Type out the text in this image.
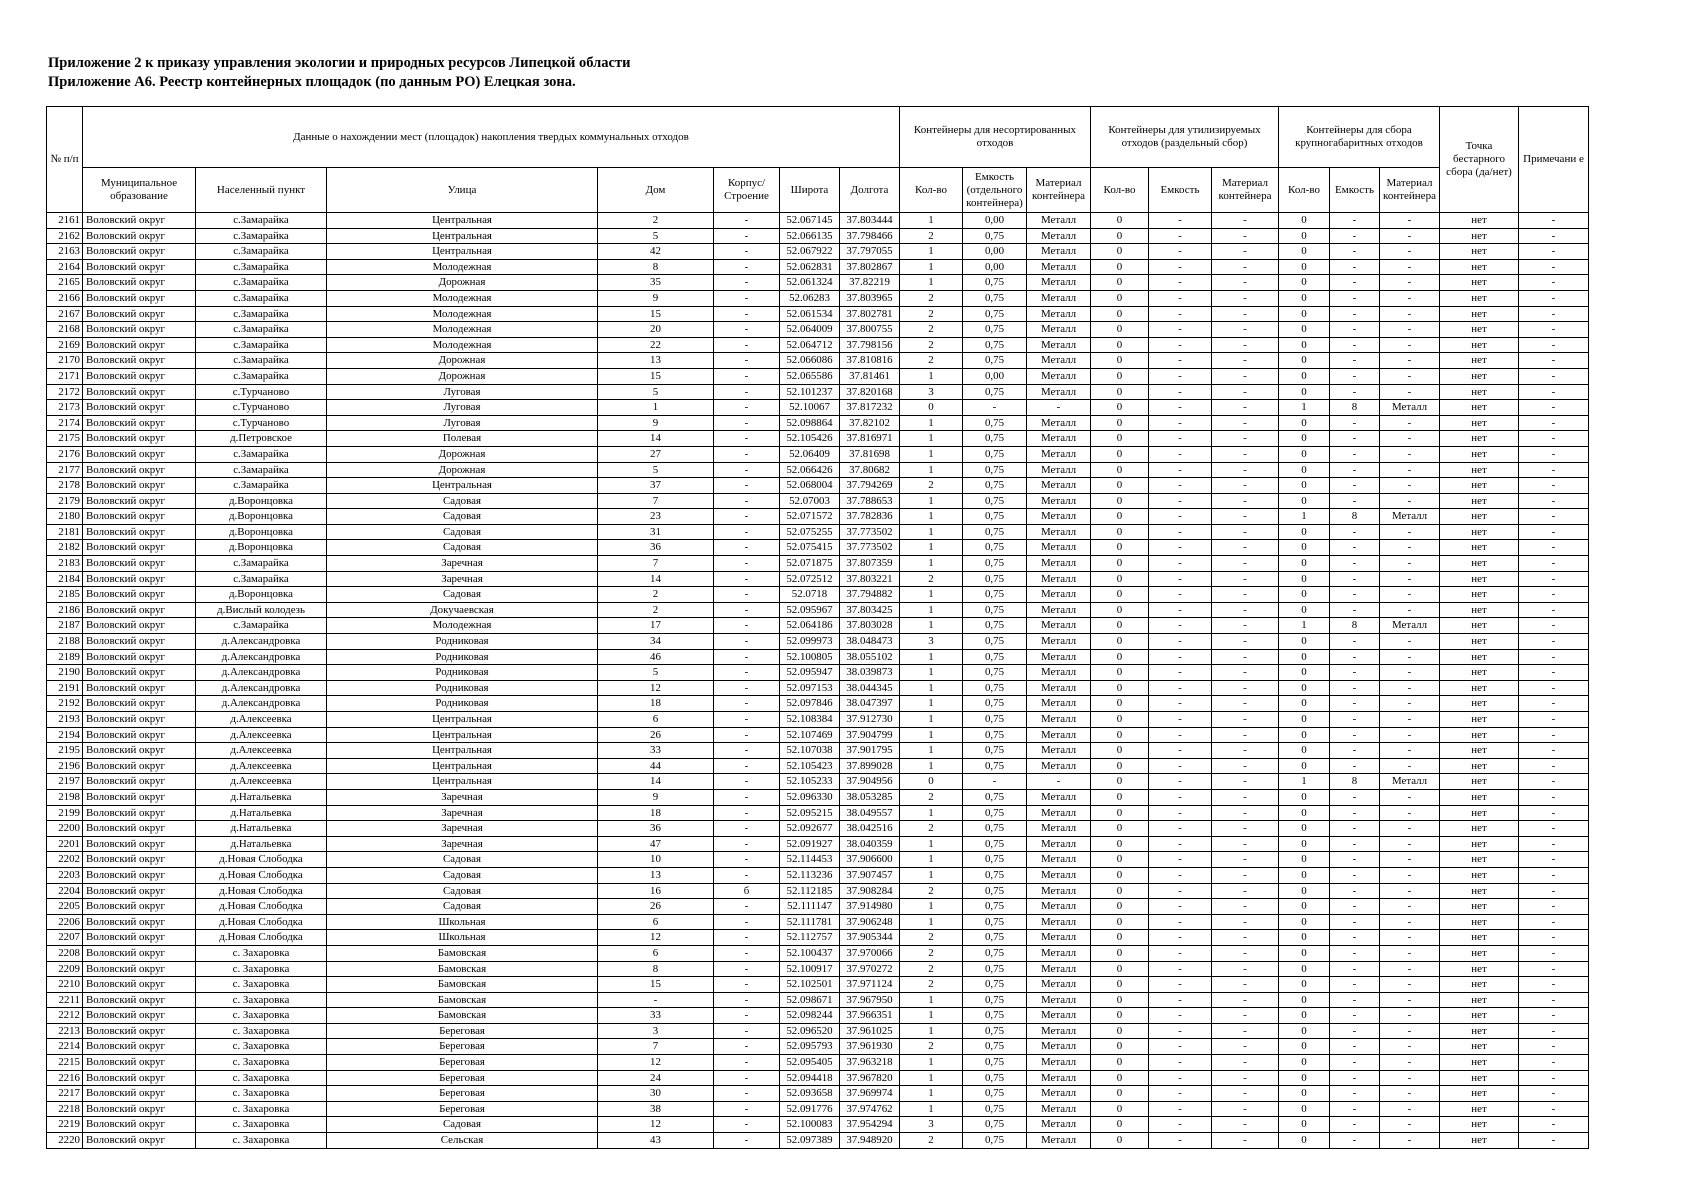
Приложение 2 к приказу управления экологии и природных ресурсов Липецкой области
Приложение А6. Реестр контейнерных площадок (по данным РО) Елецкая зона.
№ п/п	Данные о нахождении мест (площадок) накопления твердых коммунальных отходов							Контейнеры для несортированных отходов			Контейнеры для утилизируемых отходов (раздельный сбор)			Контейнеры для сбора крупногабаритных отходов			Точка бестарного сбора (да/нет)	Примечани е
	Муниципальное образование	Населенный пункт	Улица	Дом	Корпус/ Строение	Широта	Долгота	Кол-во	Емкость (отдельного контейнера)	Материал контейнера	Кол-во	Емкость	Материал контейнера	Кол-во	Емкость	Материал контейнера		
2161	Воловский округ	с.Замарайка	Центральная	2	-	52.067145	37.803444	1	0,00	Металл	0	-	-	0	-	-	нет	-
2162	Воловский округ	с.Замарайка	Центральная	5	-	52.066135	37.798466	2	0,75	Металл	0	-	-	0	-	-	нет	-
2163	Воловский округ	с.Замарайка	Центральная	42	-	52.067922	37.797055	1	0,00	Металл	0	-	-	0	-	-	нет	-
2164	Воловский округ	с.Замарайка	Молодежная	8	-	52.062831	37.802867	1	0,00	Металл	0	-	-	0	-	-	нет	-
2165	Воловский округ	с.Замарайка	Дорожная	35	-	52.061324	37.82219	1	0,75	Металл	0	-	-	0	-	-	нет	-
2166	Воловский округ	с.Замарайка	Молодежная	9	-	52.06283	37.803965	2	0,75	Металл	0	-	-	0	-	-	нет	-
2167	Воловский округ	с.Замарайка	Молодежная	15	-	52.061534	37.802781	2	0,75	Металл	0	-	-	0	-	-	нет	-
2168	Воловский округ	с.Замарайка	Молодежная	20	-	52.064009	37.800755	2	0,75	Металл	0	-	-	0	-	-	нет	-
2169	Воловский округ	с.Замарайка	Молодежная	22	-	52.064712	37.798156	2	0,75	Металл	0	-	-	0	-	-	нет	-
2170	Воловский округ	с.Замарайка	Дорожная	13	-	52.066086	37.810816	2	0,75	Металл	0	-	-	0	-	-	нет	-
2171	Воловский округ	с.Замарайка	Дорожная	15	-	52.065586	37.81461	1	0,00	Металл	0	-	-	0	-	-	нет	-
2172	Воловский округ	с.Турчаново	Луговая	5	-	52.101237	37.820168	3	0,75	Металл	0	-	-	0	-	-	нет	-
2173	Воловский округ	с.Турчаново	Луговая	1	-	52.10067	37.817232	0	-	-	0	-	-	1	8	Металл	нет	-
2174	Воловский округ	с.Турчаново	Луговая	9	-	52.098864	37.82102	1	0,75	Металл	0	-	-	0	-	-	нет	-
2175	Воловский округ	д.Петровское	Полевая	14	-	52.105426	37.816971	1	0,75	Металл	0	-	-	0	-	-	нет	-
2176	Воловский округ	с.Замарайка	Дорожная	27	-	52.06409	37.81698	1	0,75	Металл	0	-	-	0	-	-	нет	-
2177	Воловский округ	с.Замарайка	Дорожная	5	-	52.066426	37.80682	1	0,75	Металл	0	-	-	0	-	-	нет	-
2178	Воловский округ	с.Замарайка	Центральная	37	-	52.068004	37.794269	2	0,75	Металл	0	-	-	0	-	-	нет	-
2179	Воловский округ	д.Воронцовка	Садовая	7	-	52.07003	37.788653	1	0,75	Металл	0	-	-	0	-	-	нет	-
2180	Воловский округ	д.Воронцовка	Садовая	23	-	52.071572	37.782836	1	0,75	Металл	0	-	-	1	8	Металл	нет	-
2181	Воловский округ	д.Воронцовка	Садовая	31	-	52.075255	37.773502	1	0,75	Металл	0	-	-	0	-	-	нет	-
2182	Воловский округ	д.Воронцовка	Садовая	36	-	52.075415	37.773502	1	0,75	Металл	0	-	-	0	-	-	нет	-
2183	Воловский округ	с.Замарайка	Заречная	7	-	52.071875	37.807359	1	0,75	Металл	0	-	-	0	-	-	нет	-
2184	Воловский округ	с.Замарайка	Заречная	14	-	52.072512	37.803221	2	0,75	Металл	0	-	-	0	-	-	нет	-
2185	Воловский округ	д.Воронцовка	Садовая	2	-	52.0718	37.794882	1	0,75	Металл	0	-	-	0	-	-	нет	-
2186	Воловский округ	д.Вислый колодезь	Докучаевская	2	-	52.095967	37.803425	1	0,75	Металл	0	-	-	0	-	-	нет	-
2187	Воловский округ	с.Замарайка	Молодежная	17	-	52.064186	37.803028	1	0,75	Металл	0	-	-	1	8	Металл	нет	-
2188	Воловский округ	д.Александровка	Родниковая	34	-	52.099973	38.048473	3	0,75	Металл	0	-	-	0	-	-	нет	-
2189	Воловский округ	д.Александровка	Родниковая	46	-	52.100805	38.055102	1	0,75	Металл	0	-	-	0	-	-	нет	-
2190	Воловский округ	д.Александровка	Родниковая	5	-	52.095947	38.039873	1	0,75	Металл	0	-	-	0	-	-	нет	-
2191	Воловский округ	д.Александровка	Родниковая	12	-	52.097153	38.044345	1	0,75	Металл	0	-	-	0	-	-	нет	-
2192	Воловский округ	д.Александровка	Родниковая	18	-	52.097846	38.047397	1	0,75	Металл	0	-	-	0	-	-	нет	-
2193	Воловский округ	д.Алексеевка	Центральная	6	-	52.108384	37.912730	1	0,75	Металл	0	-	-	0	-	-	нет	-
2194	Воловский округ	д.Алексеевка	Центральная	26	-	52.107469	37.904799	1	0,75	Металл	0	-	-	0	-	-	нет	-
2195	Воловский округ	д.Алексеевка	Центральная	33	-	52.107038	37.901795	1	0,75	Металл	0	-	-	0	-	-	нет	-
2196	Воловский округ	д.Алексеевка	Центральная	44	-	52.105423	37.899028	1	0,75	Металл	0	-	-	0	-	-	нет	-
2197	Воловский округ	д.Алексеевка	Центральная	14	-	52.105233	37.904956	0	-	-	0	-	-	1	8	Металл	нет	-
2198	Воловский округ	д.Натальевка	Заречная	9	-	52.096330	38.053285	2	0,75	Металл	0	-	-	0	-	-	нет	-
2199	Воловский округ	д.Натальевка	Заречная	18	-	52.095215	38.049557	1	0,75	Металл	0	-	-	0	-	-	нет	-
2200	Воловский округ	д.Натальевка	Заречная	36	-	52.092677	38.042516	2	0,75	Металл	0	-	-	0	-	-	нет	-
2201	Воловский округ	д.Натальевка	Заречная	47	-	52.091927	38.040359	1	0,75	Металл	0	-	-	0	-	-	нет	-
2202	Воловский округ	д.Новая Слободка	Садовая	10	-	52.114453	37.906600	1	0,75	Металл	0	-	-	0	-	-	нет	-
2203	Воловский округ	д.Новая Слободка	Садовая	13	-	52.113236	37.907457	1	0,75	Металл	0	-	-	0	-	-	нет	-
2204	Воловский округ	д.Новая Слободка	Садовая	16	б	52.112185	37.908284	2	0,75	Металл	0	-	-	0	-	-	нет	-
2205	Воловский округ	д.Новая Слободка	Садовая	26	-	52.111147	37.914980	1	0,75	Металл	0	-	-	0	-	-	нет	-
2206	Воловский округ	д.Новая Слободка	Школьная	6	-	52.111781	37.906248	1	0,75	Металл	0	-	-	0	-	-	нет	-
2207	Воловский округ	д.Новая Слободка	Школьная	12	-	52.112757	37.905344	2	0,75	Металл	0	-	-	0	-	-	нет	-
2208	Воловский округ	с. Захаровка	Бамовская	6	-	52.100437	37.970066	2	0,75	Металл	0	-	-	0	-	-	нет	-
2209	Воловский округ	с. Захаровка	Бамовская	8	-	52.100917	37.970272	2	0,75	Металл	0	-	-	0	-	-	нет	-
2210	Воловский округ	с. Захаровка	Бамовская	15	-	52.102501	37.971124	2	0,75	Металл	0	-	-	0	-	-	нет	-
2211	Воловский округ	с. Захаровка	Бамовская	-	-	52.098671	37.967950	1	0,75	Металл	0	-	-	0	-	-	нет	-
2212	Воловский округ	с. Захаровка	Бамовская	33	-	52.098244	37.966351	1	0,75	Металл	0	-	-	0	-	-	нет	-
2213	Воловский округ	с. Захаровка	Береговая	3	-	52.096520	37.961025	1	0,75	Металл	0	-	-	0	-	-	нет	-
2214	Воловский округ	с. Захаровка	Береговая	7	-	52.095793	37.961930	2	0,75	Металл	0	-	-	0	-	-	нет	-
2215	Воловский округ	с. Захаровка	Береговая	12	-	52.095405	37.963218	1	0,75	Металл	0	-	-	0	-	-	нет	-
2216	Воловский округ	с. Захаровка	Береговая	24	-	52.094418	37.967820	1	0,75	Металл	0	-	-	0	-	-	нет	-
2217	Воловский округ	с. Захаровка	Береговая	30	-	52.093658	37.969974	1	0,75	Металл	0	-	-	0	-	-	нет	-
2218	Воловский округ	с. Захаровка	Береговая	38	-	52.091776	37.974762	1	0,75	Металл	0	-	-	0	-	-	нет	-
2219	Воловский округ	с. Захаровка	Садовая	12	-	52.100083	37.954294	3	0,75	Металл	0	-	-	0	-	-	нет	-
2220	Воловский округ	с. Захаровка	Сельская	43	-	52.097389	37.948920	2	0,75	Металл	0	-	-	0	-	-	нет	-
